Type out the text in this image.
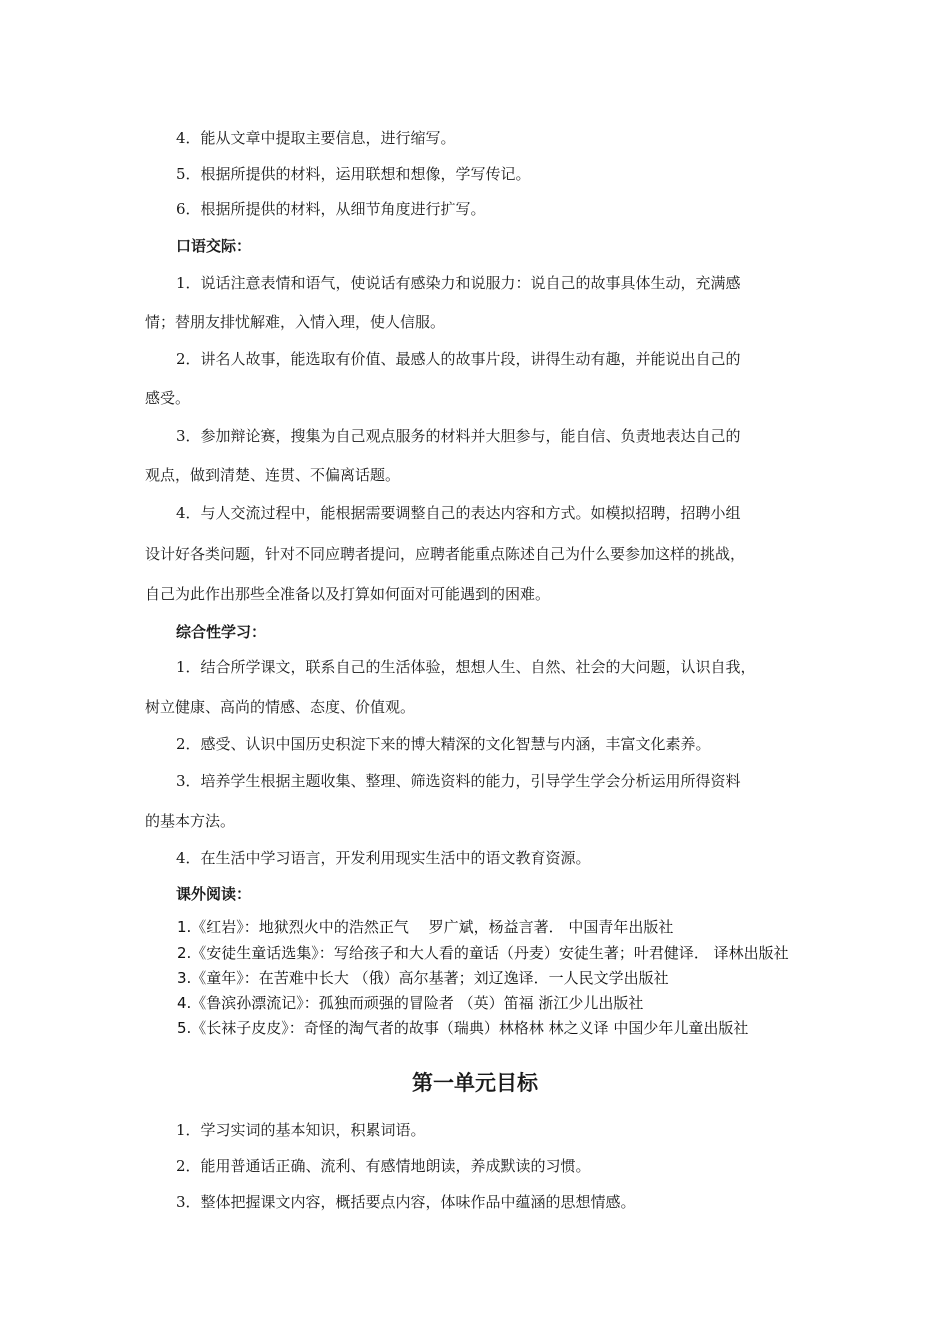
4．能从文章中提取主要信息，进行缩写。
5．根据所提供的材料，运用联想和想像，学写传记。
6．根据所提供的材料，从细节角度进行扩写。
口语交际：
1．说话注意表情和语气，使说话有感染力和说服力：说自己的故事具体生动，充满感
情；替朋友排忧解难，入情入理，使人信服。
2．讲名人故事，能选取有价值、最感人的故事片段，讲得生动有趣，并能说出自己的
感受。
3．参加辩论赛，搜集为自己观点服务的材料并大胆参与，能自信、负责地表达自己的
观点，做到清楚、连贯、不偏离话题。
4．与人交流过程中，能根据需要调整自己的表达内容和方式。如模拟招聘，招聘小组
设计好各类问题，针对不同应聘者提问，应聘者能重点陈述自己为什么要参加这样的挑战，
自己为此作出那些全准备以及打算如何面对可能遇到的困难。
综合性学习：
1．结合所学课文，联系自己的生活体验，想想人生、自然、社会的大问题，认识自我，
树立健康、高尚的情感、态度、价值观。
2．感受、认识中国历史积淀下来的博大精深的文化智慧与内涵，丰富文化素养。
3．培养学生根据主题收集、整理、筛选资料的能力，引导学生学会分析运用所得资料
的基本方法。
4．在生活中学习语言，开发利用现实生活中的语文教育资源。
课外阅读：
1.《红岩》：地狱烈火中的浩然正气　 罗广斌，杨益言著． 中国青年出版社
2.《安徒生童话选集》：写给孩子和大人看的童话（丹麦）安徒生著；叶君健译． 译林出版社
3.《童年》：在苦难中长大 （俄）高尔基著；刘辽逸译．一人民文学出版社
4.《鲁滨孙漂流记》：孤独而顽强的冒险者 （英）笛福 浙江少儿出版社
5.《长袜子皮皮》：奇怪的淘气者的故事（瑞典）林格林 林之义译 中国少年儿童出版社
第一单元目标
1．学习实词的基本知识，积累词语。
2．能用普通话正确、流利、有感情地朗读，养成默读的习惯。
3．整体把握课文内容，概括要点内容，体味作品中蕴涵的思想情感。
